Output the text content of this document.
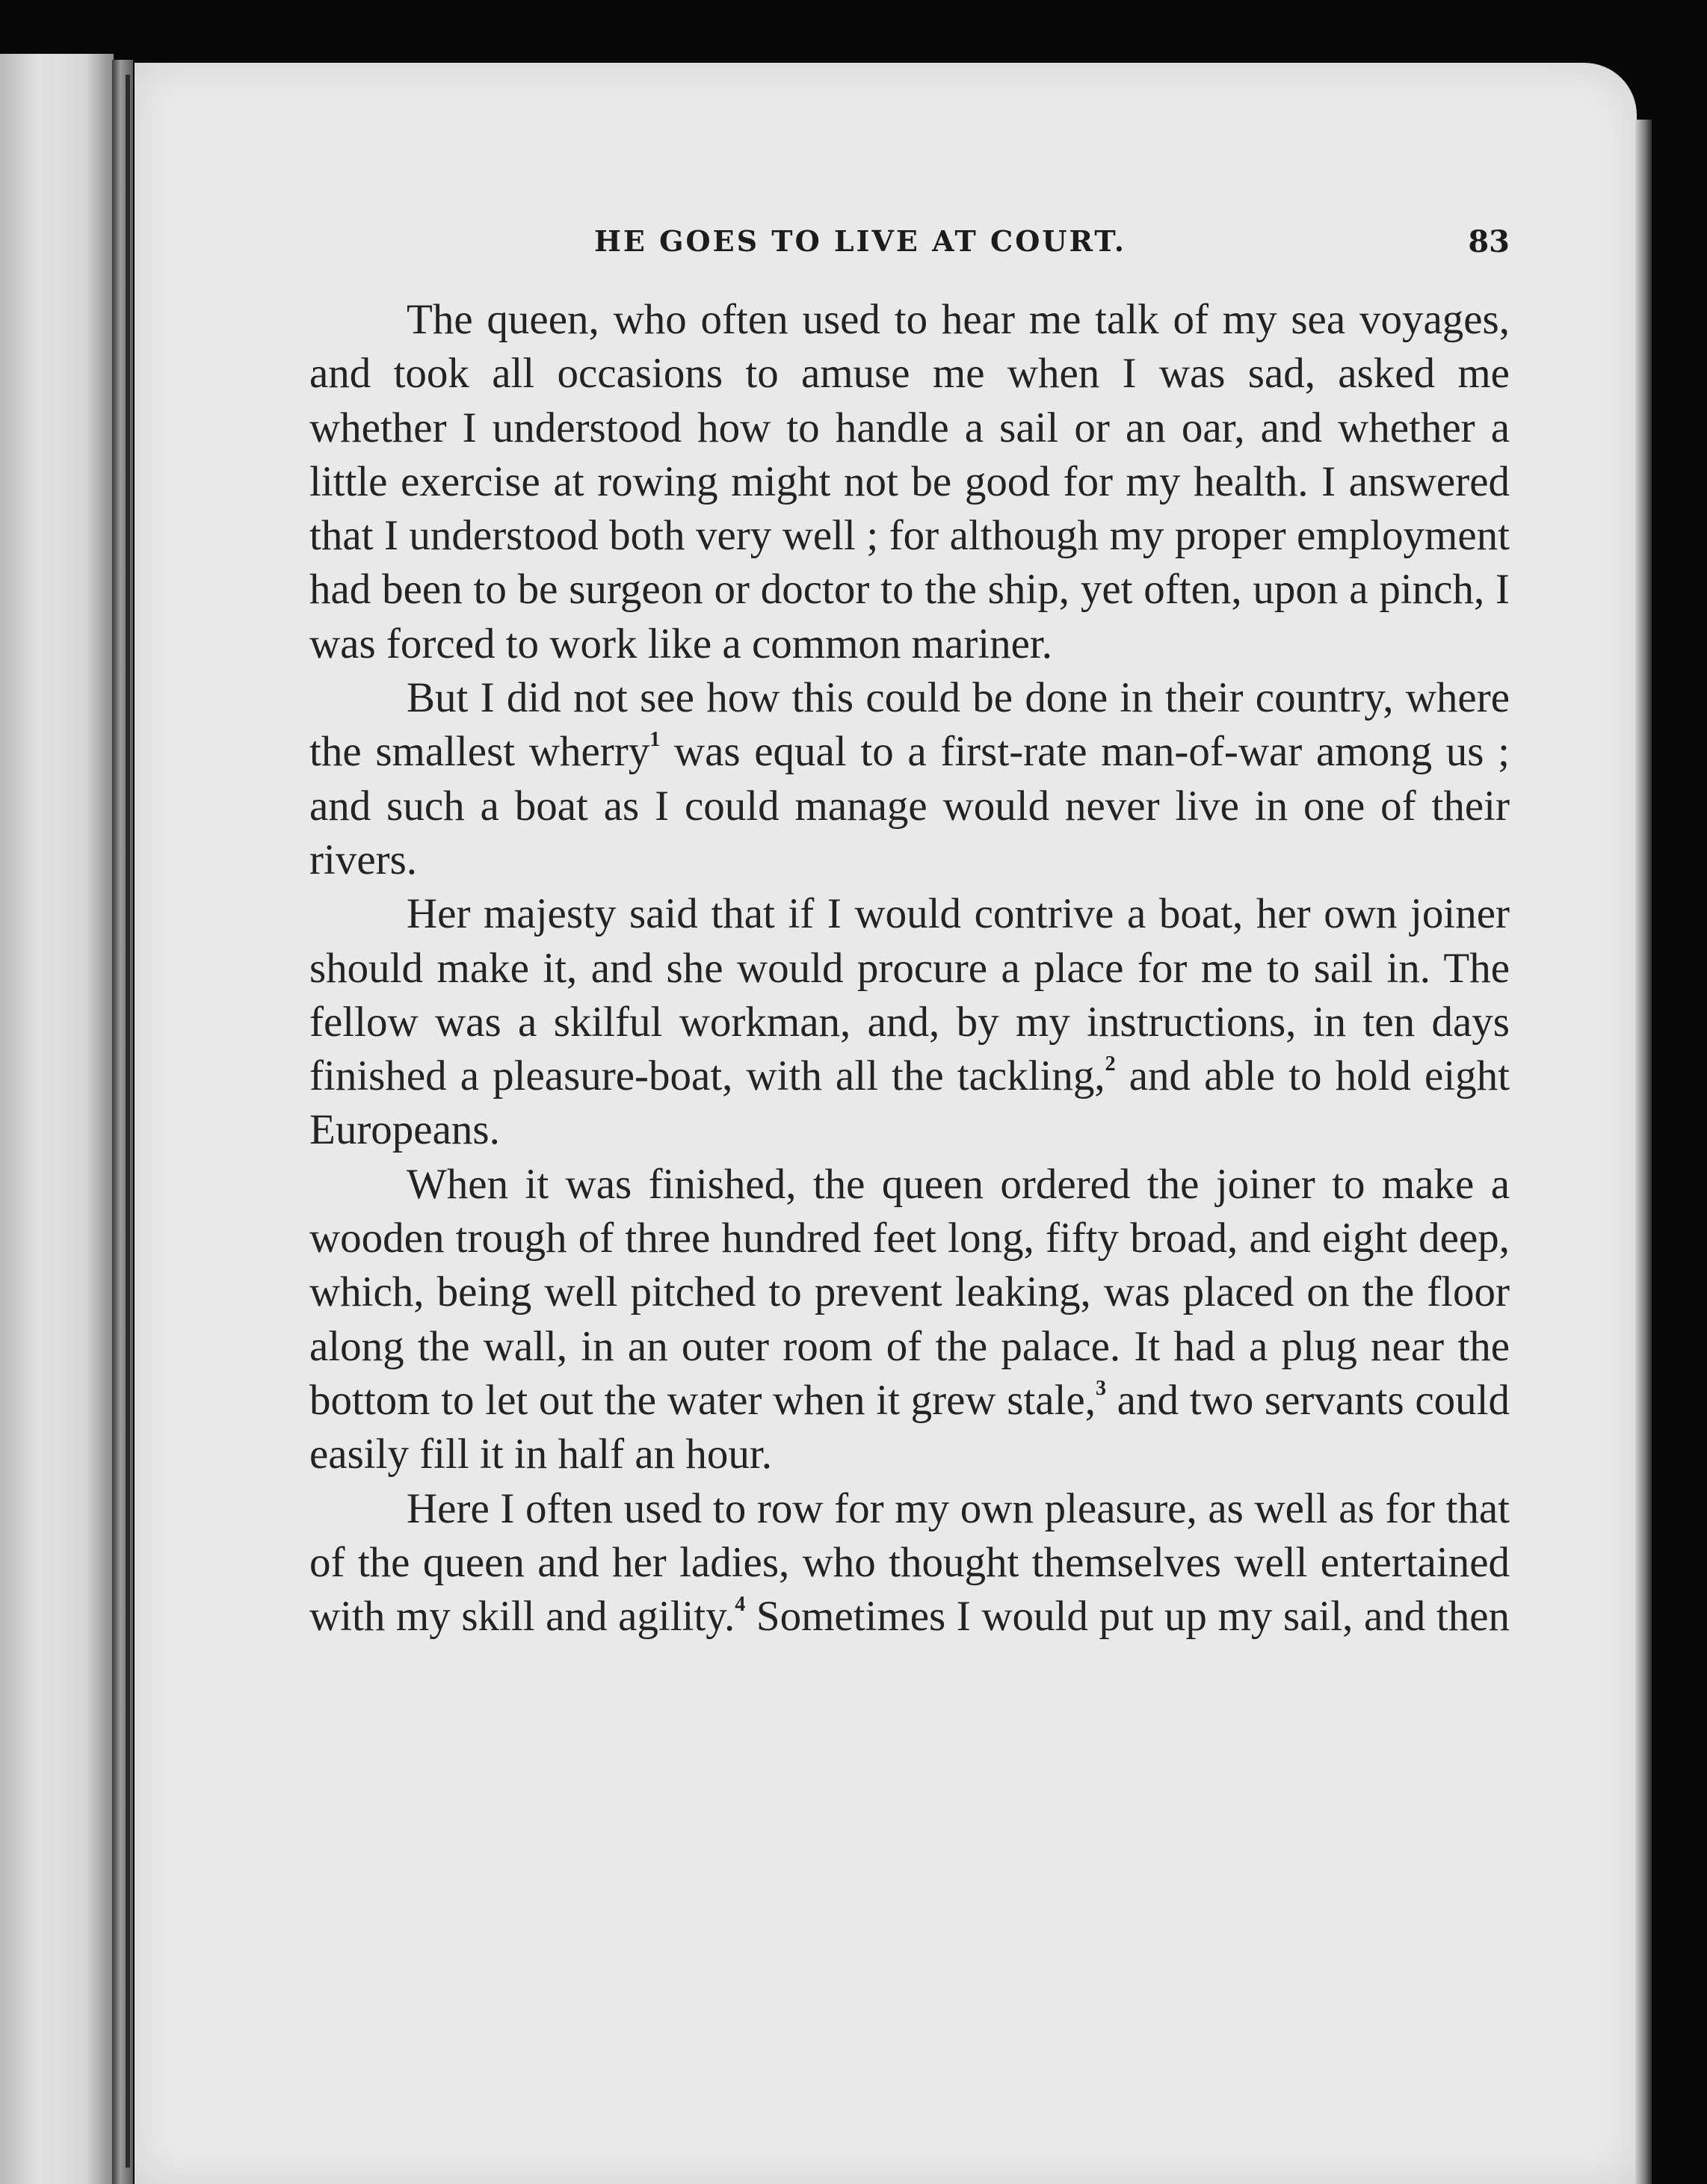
HE GOES TO LIVE AT COURT.	83

The queen, who often used to hear me talk of my sea voyages, and took all occasions to amuse me when I was sad, asked me whether I understood how to handle a sail or an oar, and whether a little exercise at rowing might not be good for my health. I answered that I understood both very well ; for although my proper employment had been to be surgeon or doctor to the ship, yet often, upon a pinch, I was forced to work like a common mariner.

But I did not see how this could be done in their country, where the smallest wherry$^1$ was equal to a first-rate man-of-war among us ; and such a boat as I could manage would never live in one of their rivers.

Her majesty said that if I would contrive a boat, her own joiner should make it, and she would procure a place for me to sail in. The fellow was a skilful workman, and, by my instructions, in ten days finished a pleasure-boat, with all the tackling,$^2$ and able to hold eight Europeans.

When it was finished, the queen ordered the joiner to make a wooden trough of three hundred feet long, fifty broad, and eight deep, which, being well pitched to prevent leaking, was placed on the floor along the wall, in an outer room of the palace. It had a plug near the bottom to let out the water when it grew stale,$^3$ and two servants could easily fill it in half an hour.

Here I often used to row for my own pleasure, as well as for that of the queen and her ladies, who thought themselves well entertained with my skill and agility.$^4$ Sometimes I would put up my sail, and then
